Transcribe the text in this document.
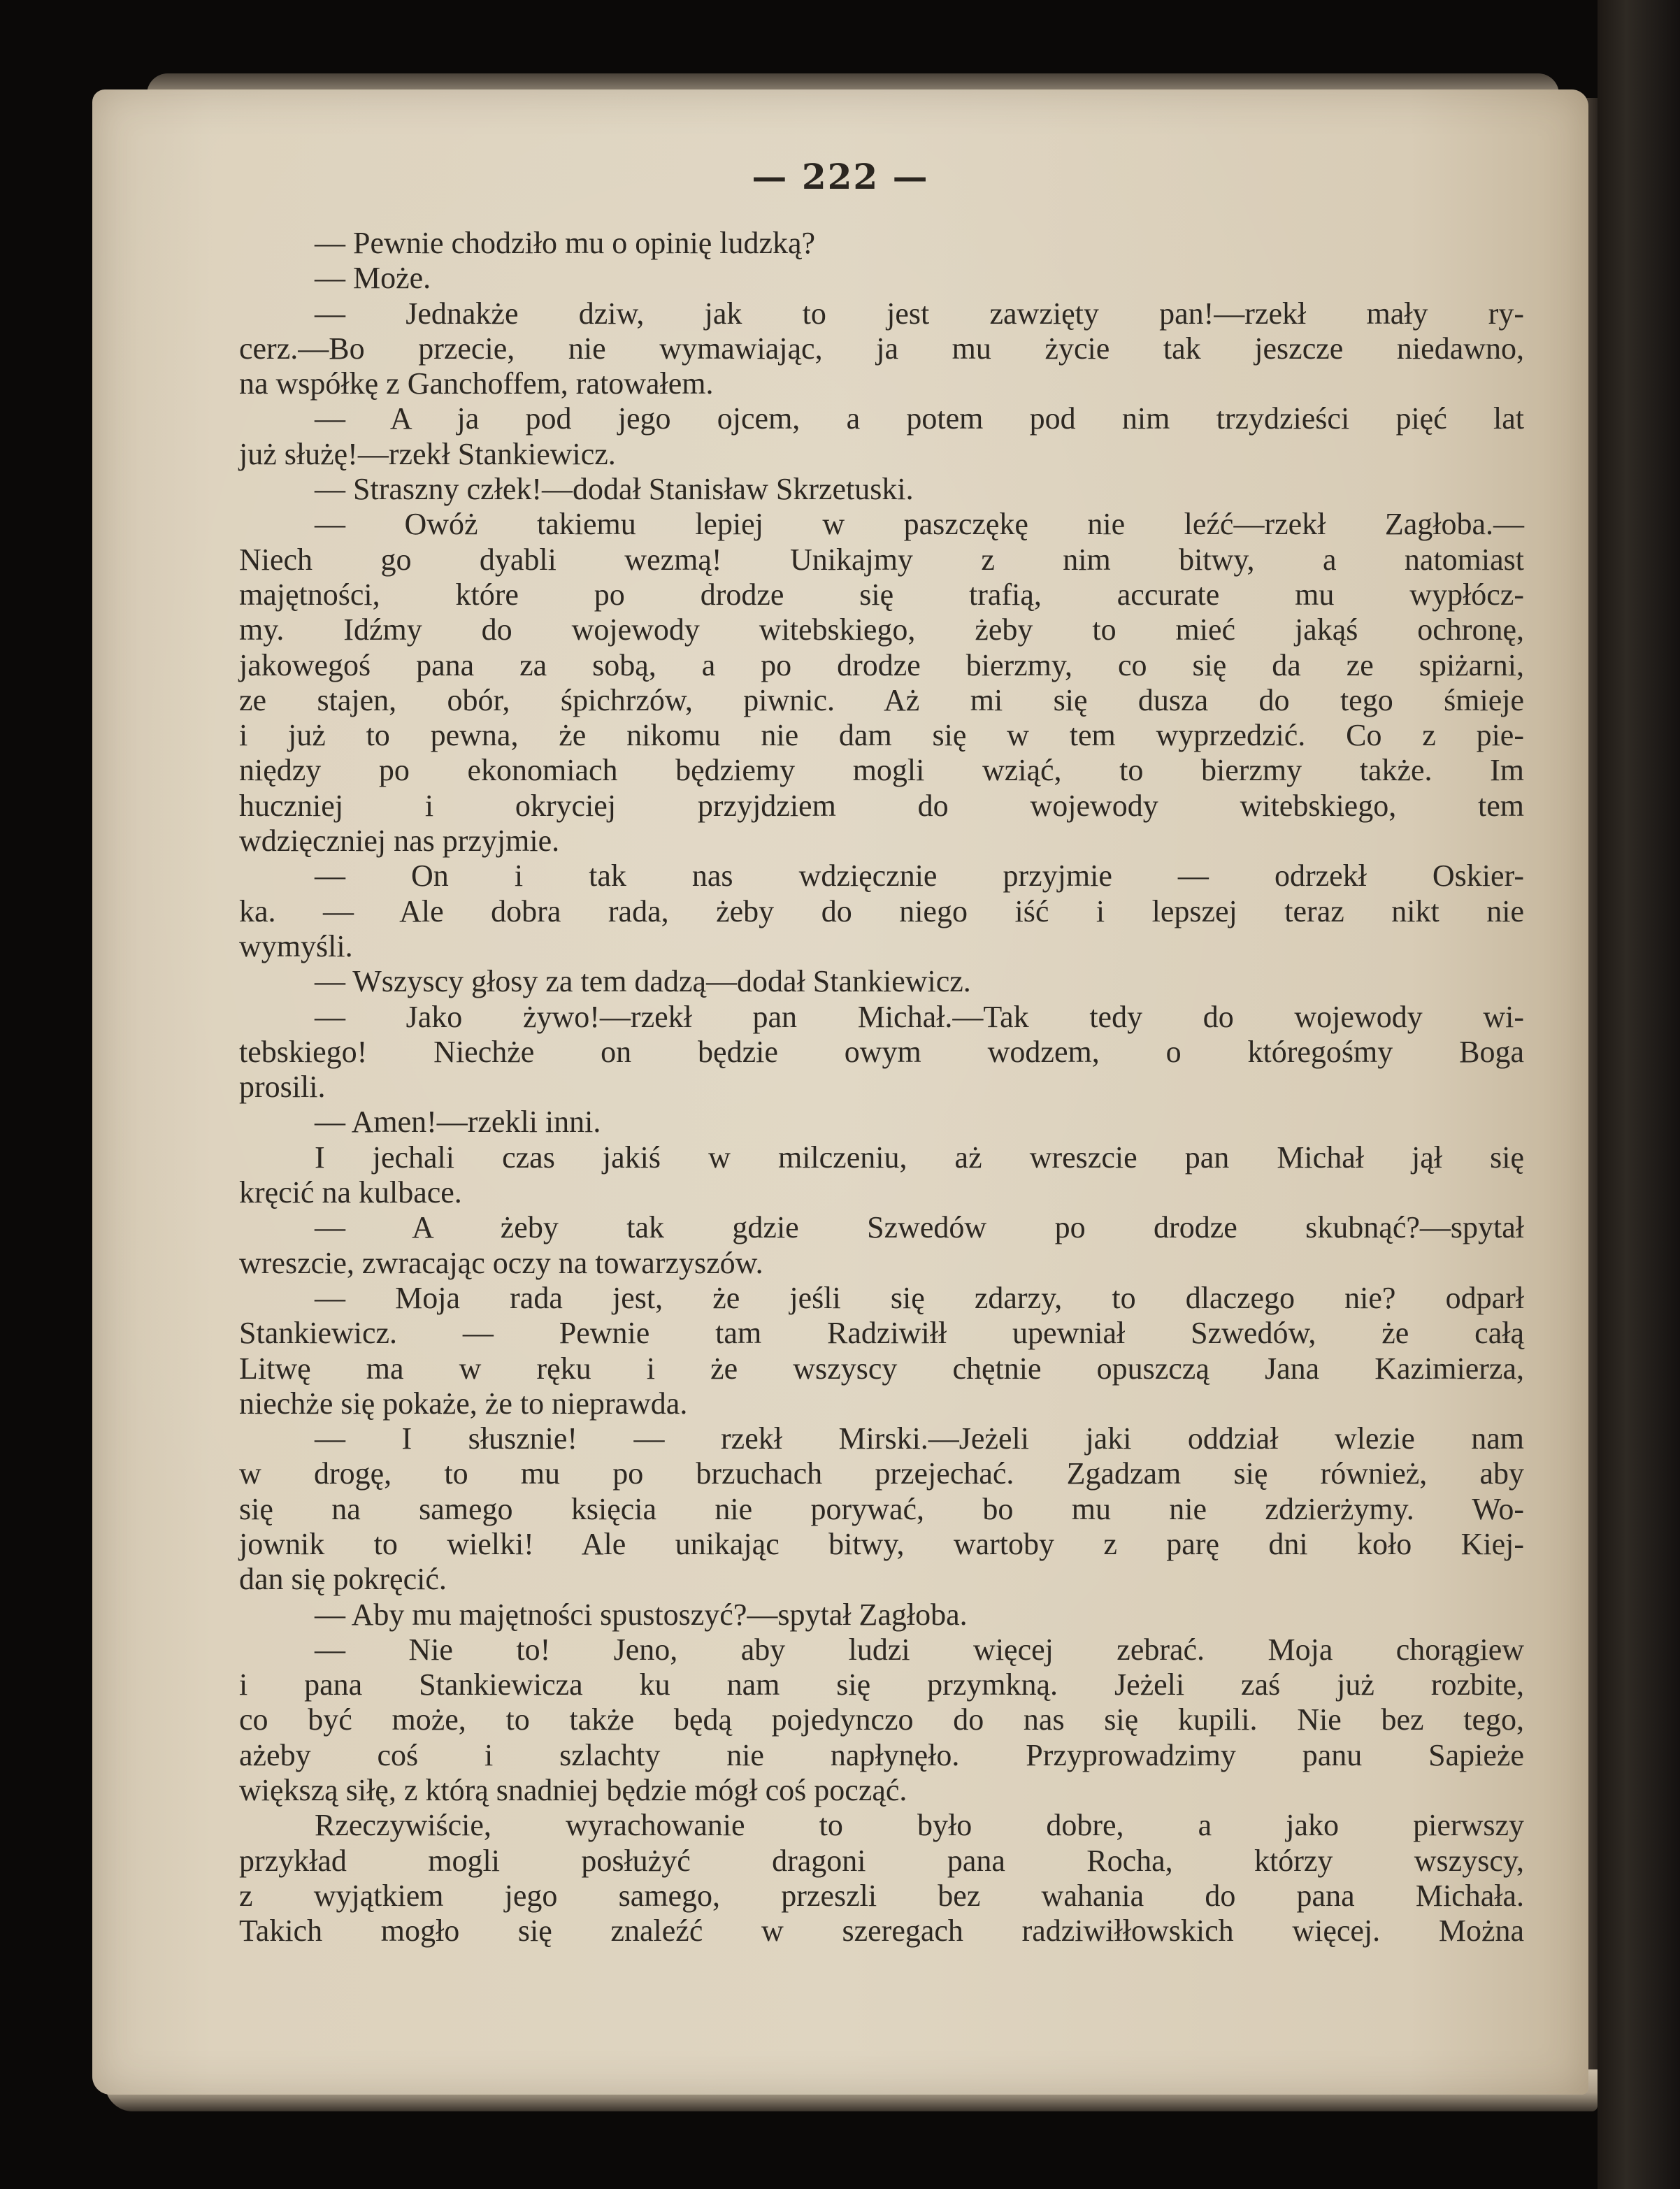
— 222 —
— Pewnie chodziło mu o opinię ludzką?
— Może.
— Jednakże dziw, jak to jest zawzięty pan!—rzekł mały ry-
cerz.—Bo przecie, nie wymawiając, ja mu życie tak jeszcze niedawno,
na współkę z Ganchoffem, ratowałem.
— A ja pod jego ojcem, a potem pod nim trzydzieści pięć lat
już służę!—rzekł Stankiewicz.
— Straszny człek!—dodał Stanisław Skrzetuski.
— Owóż takiemu lepiej w paszczękę nie leźć—rzekł Zagłoba.—
Niech go dyabli wezmą! Unikajmy z nim bitwy, a natomiast
majętności, które po drodze się trafią, accurate mu wypłócz-
my. Idźmy do wojewody witebskiego, żeby to mieć jakąś ochronę,
jakowegoś pana za sobą, a po drodze bierzmy, co się da ze spiżarni,
ze stajen, obór, śpichrzów, piwnic. Aż mi się dusza do tego śmieje
i już to pewna, że nikomu nie dam się w tem wyprzedzić. Co z pie-
niędzy po ekonomiach będziemy mogli wziąć, to bierzmy także. Im
huczniej i okryciej przyjdziem do wojewody witebskiego, tem
wdzięczniej nas przyjmie.
— On i tak nas wdzięcznie przyjmie — odrzekł Oskier-
ka. — Ale dobra rada, żeby do niego iść i lepszej teraz nikt nie
wymyśli.
— Wszyscy głosy za tem dadzą—dodał Stankiewicz.
— Jako żywo!—rzekł pan Michał.—Tak tedy do wojewody wi-
tebskiego! Niechże on będzie owym wodzem, o któregośmy Boga
prosili.
— Amen!—rzekli inni.
I jechali czas jakiś w milczeniu, aż wreszcie pan Michał jął się
kręcić na kulbace.
— A żeby tak gdzie Szwedów po drodze skubnąć?—spytał
wreszcie, zwracając oczy na towarzyszów.
— Moja rada jest, że jeśli się zdarzy, to dlaczego nie? odparł
Stankiewicz. — Pewnie tam Radziwiłł upewniał Szwedów, że całą
Litwę ma w ręku i że wszyscy chętnie opuszczą Jana Kazimierza,
niechże się pokaże, że to nieprawda.
— I słusznie! — rzekł Mirski.—Jeżeli jaki oddział wlezie nam
w drogę, to mu po brzuchach przejechać. Zgadzam się również, aby
się na samego księcia nie porywać, bo mu nie zdzierżymy. Wo-
jownik to wielki! Ale unikając bitwy, wartoby z parę dni koło Kiej-
dan się pokręcić.
— Aby mu majętności spustoszyć?—spytał Zagłoba.
— Nie to! Jeno, aby ludzi więcej zebrać. Moja chorągiew
i pana Stankiewicza ku nam się przymkną. Jeżeli zaś już rozbite,
co być może, to także będą pojedynczo do nas się kupili. Nie bez tego,
ażeby coś i szlachty nie napłynęło. Przyprowadzimy panu Sapieże
większą siłę, z którą snadniej będzie mógł coś począć.
Rzeczywiście, wyrachowanie to było dobre, a jako pierwszy
przykład mogli posłużyć dragoni pana Rocha, którzy wszyscy,
z wyjątkiem jego samego, przeszli bez wahania do pana Michała.
Takich mogło się znaleźć w szeregach radziwiłłowskich więcej. Można
